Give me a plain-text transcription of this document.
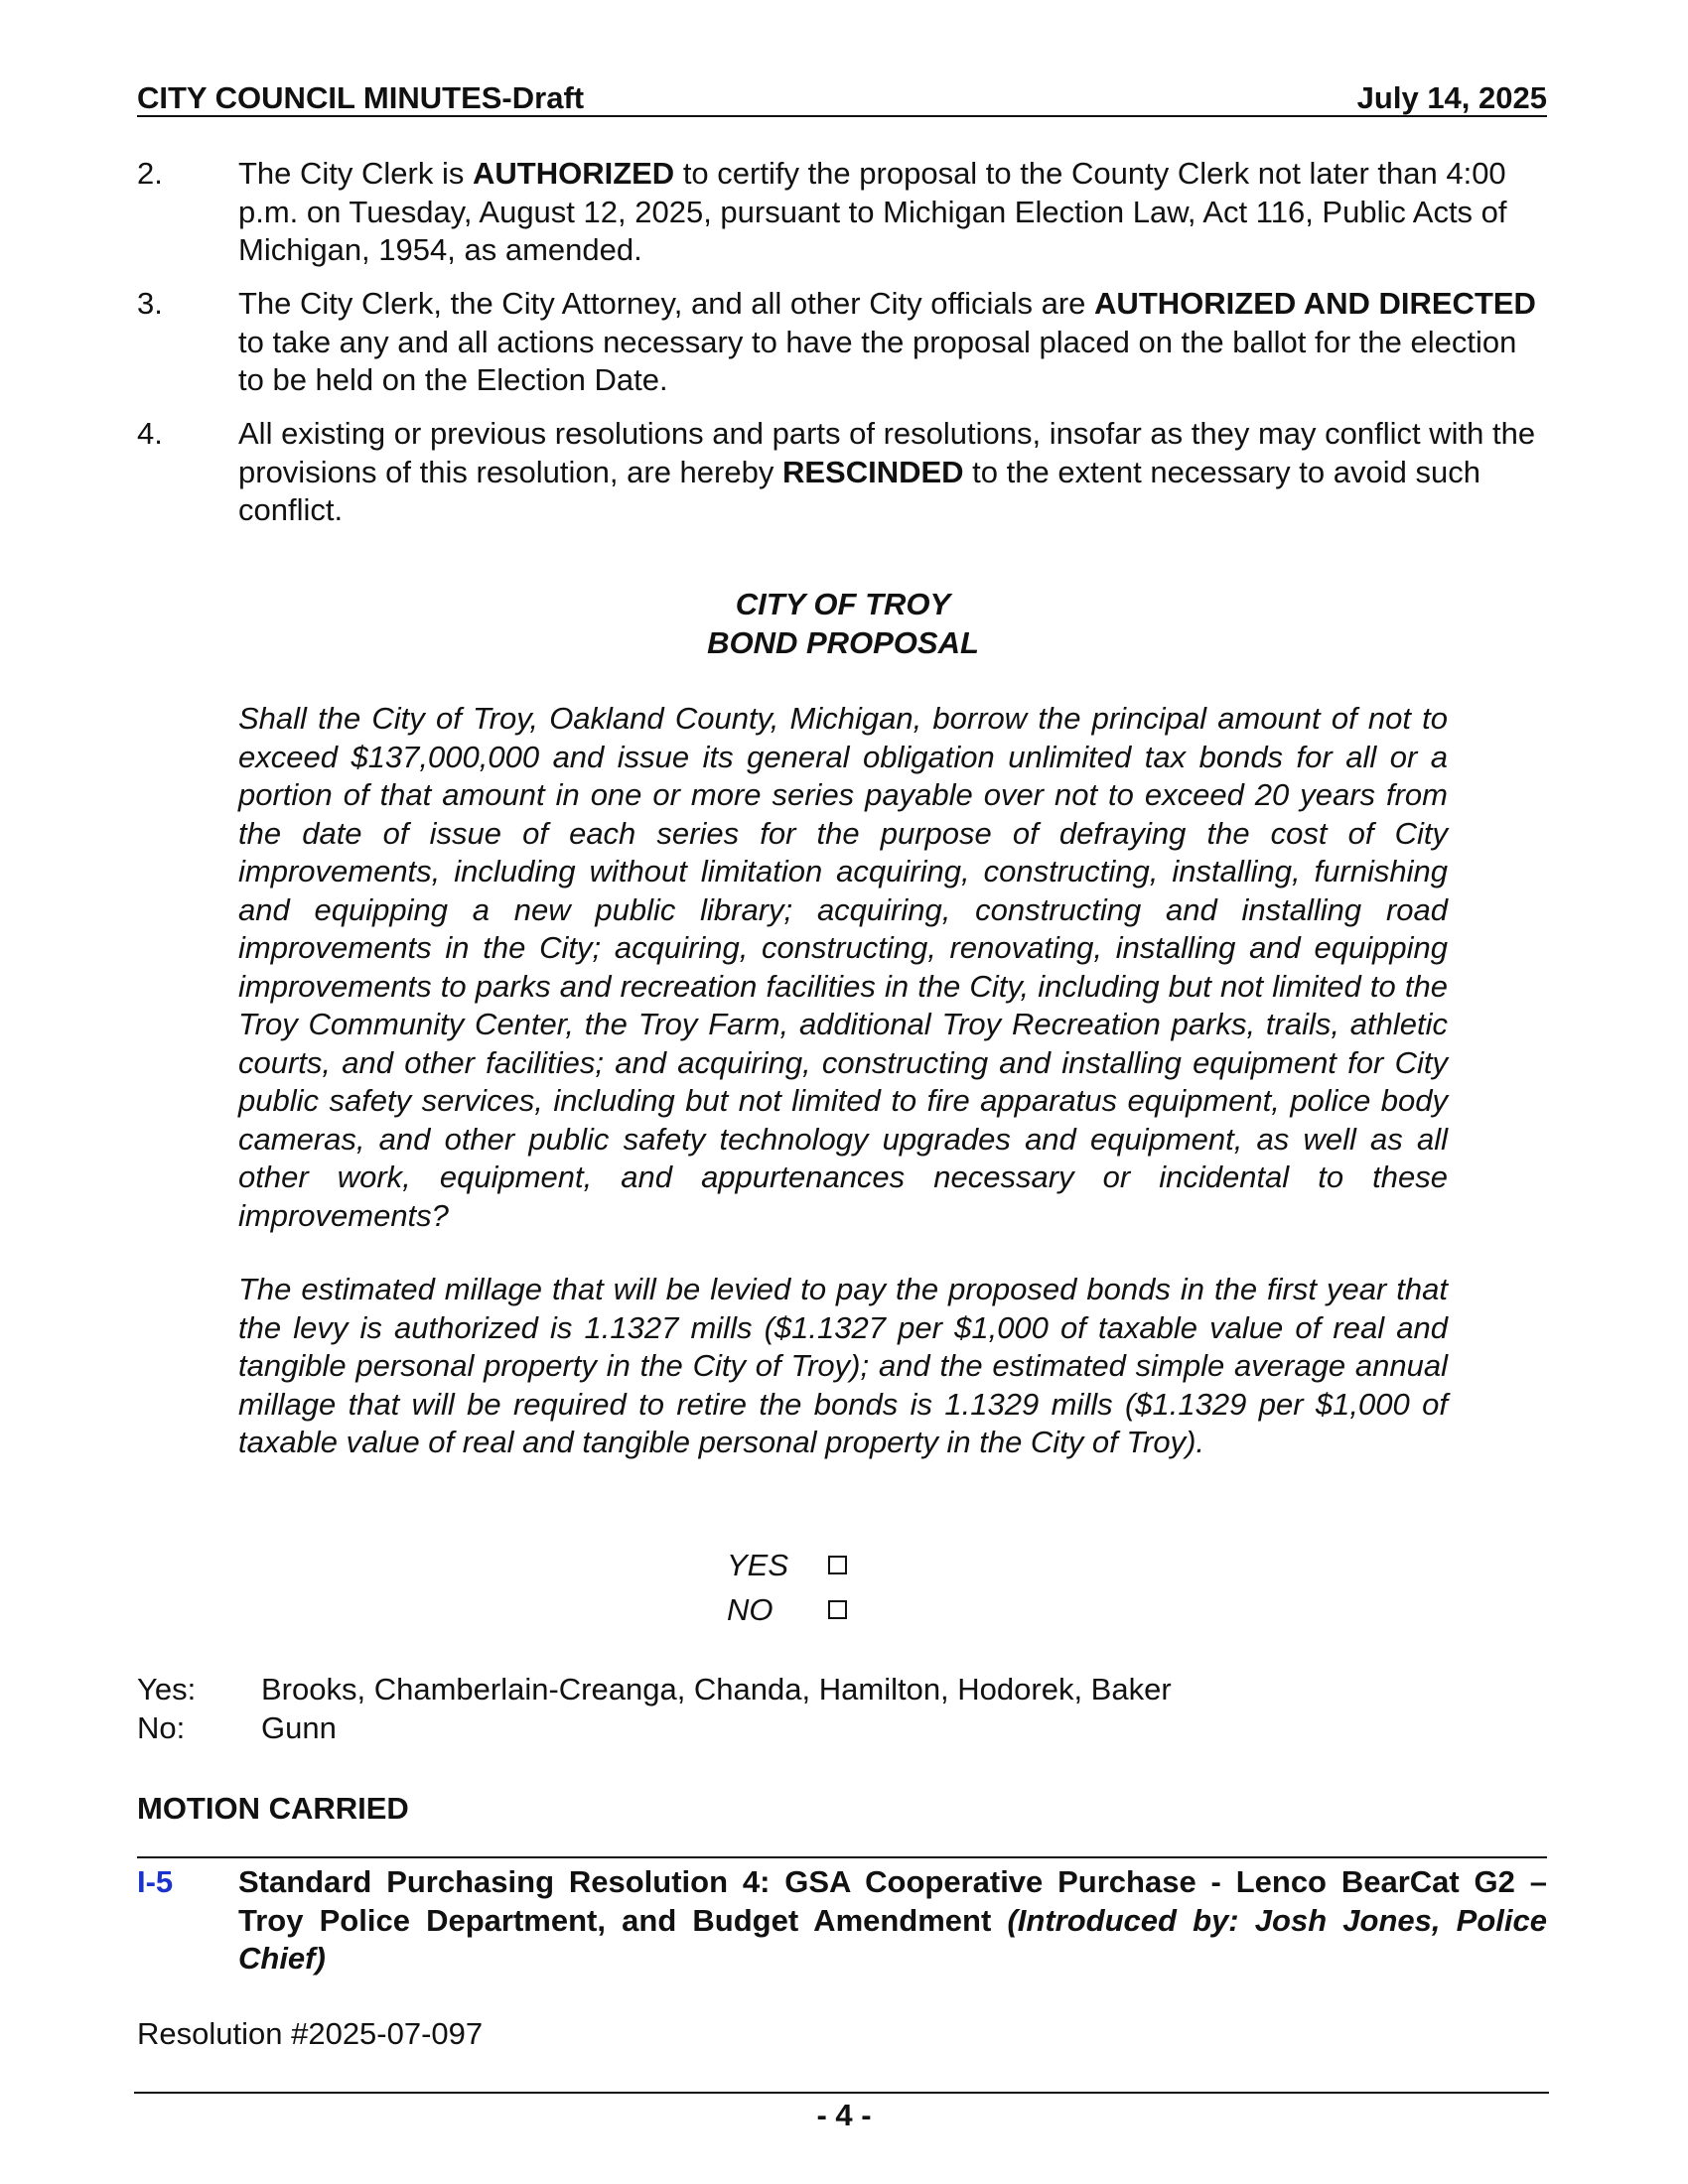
CITY COUNCIL MINUTES-Draft	July 14, 2025
2. The City Clerk is AUTHORIZED to certify the proposal to the County Clerk not later than 4:00 p.m. on Tuesday, August 12, 2025, pursuant to Michigan Election Law, Act 116, Public Acts of Michigan, 1954, as amended.
3. The City Clerk, the City Attorney, and all other City officials are AUTHORIZED AND DIRECTED to take any and all actions necessary to have the proposal placed on the ballot for the election to be held on the Election Date.
4. All existing or previous resolutions and parts of resolutions, insofar as they may conflict with the provisions of this resolution, are hereby RESCINDED to the extent necessary to avoid such conflict.
CITY OF TROY
BOND PROPOSAL
Shall the City of Troy, Oakland County, Michigan, borrow the principal amount of not to exceed $137,000,000 and issue its general obligation unlimited tax bonds for all or a portion of that amount in one or more series payable over not to exceed 20 years from the date of issue of each series for the purpose of defraying the cost of City improvements, including without limitation acquiring, constructing, installing, furnishing and equipping a new public library; acquiring, constructing and installing road improvements in the City; acquiring, constructing, renovating, installing and equipping improvements to parks and recreation facilities in the City, including but not limited to the Troy Community Center, the Troy Farm, additional Troy Recreation parks, trails, athletic courts, and other facilities; and acquiring, constructing and installing equipment for City public safety services, including but not limited to fire apparatus equipment, police body cameras, and other public safety technology upgrades and equipment, as well as all other work, equipment, and appurtenances necessary or incidental to these improvements?
The estimated millage that will be levied to pay the proposed bonds in the first year that the levy is authorized is 1.1327 mills ($1.1327 per $1,000 of taxable value of real and tangible personal property in the City of Troy); and the estimated simple average annual millage that will be required to retire the bonds is 1.1329 mills ($1.1329 per $1,000 of taxable value of real and tangible personal property in the City of Troy).
YES
NO
Yes:	Brooks, Chamberlain-Creanga, Chanda, Hamilton, Hodorek, Baker
No:	Gunn
MOTION CARRIED
I-5 Standard Purchasing Resolution 4: GSA Cooperative Purchase - Lenco BearCat G2 – Troy Police Department, and Budget Amendment (Introduced by: Josh Jones, Police Chief)
Resolution #2025-07-097
- 4 -
